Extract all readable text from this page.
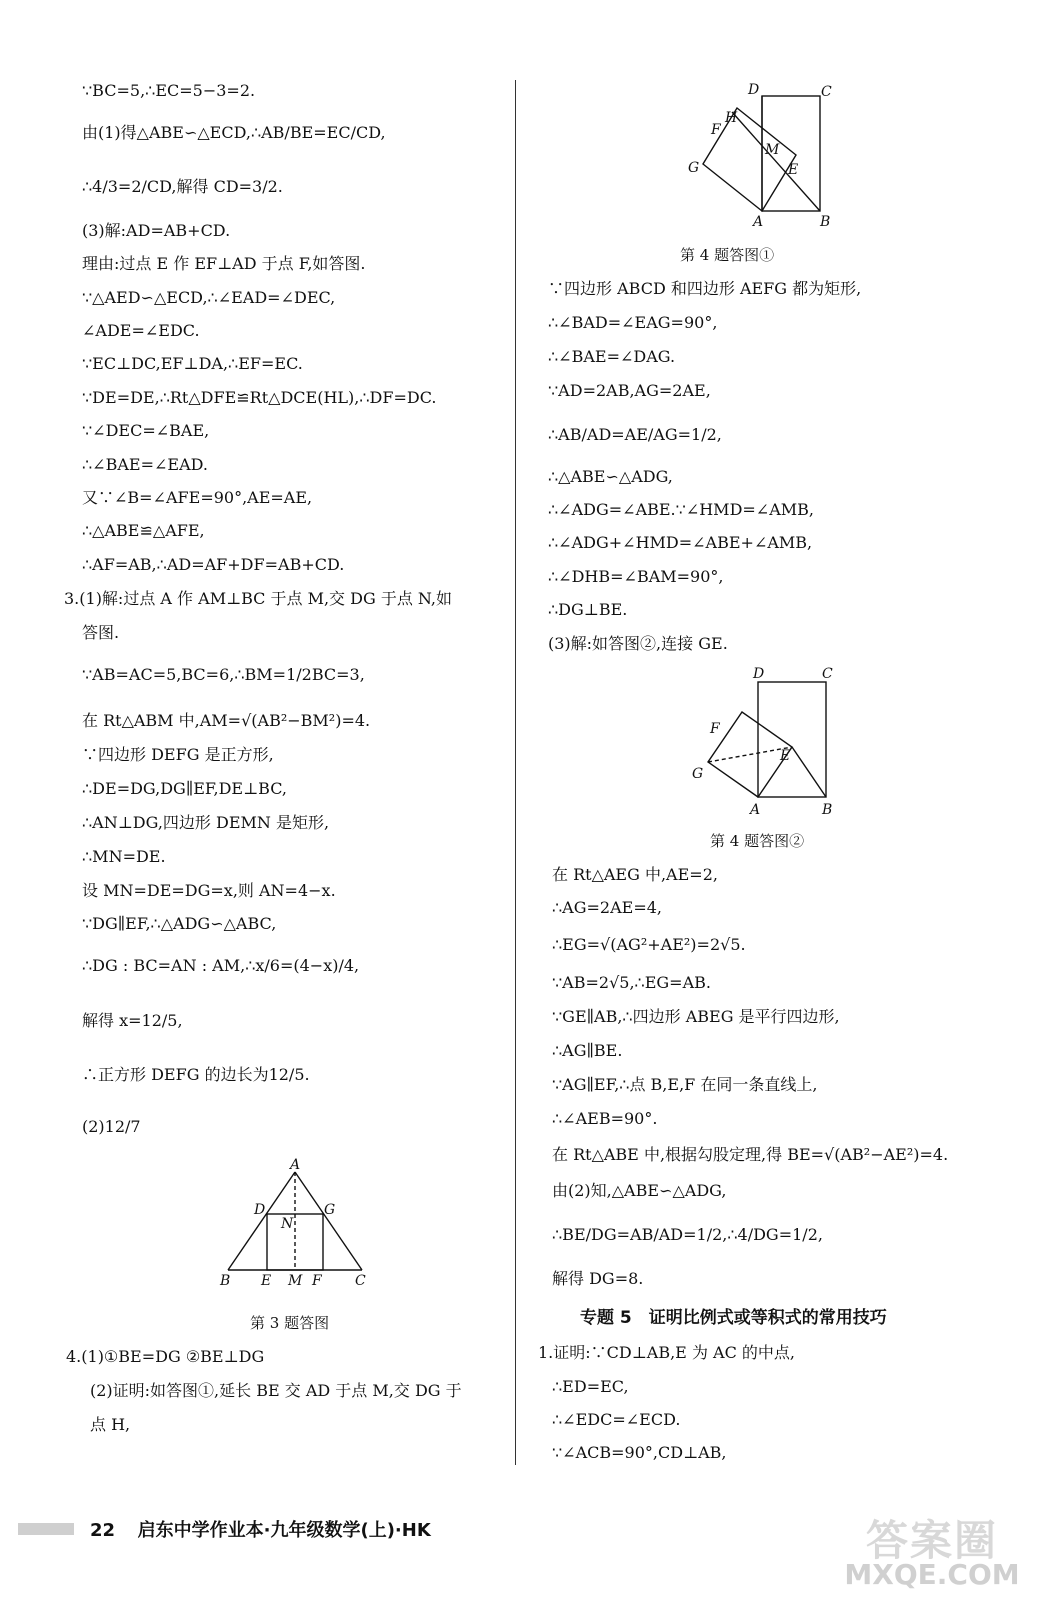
∵BC=5,∴EC=5−3=2.
由(1)得△ABE∽△ECD,∴AB/BE=EC/CD,
∴4/3=2/CD,解得 CD=3/2.
(3)解:AD=AB+CD.
理由:过点 E 作 EF⊥AD 于点 F,如答图.
∵△AED∽△ECD,∴∠EAD=∠DEC,
∠ADE=∠EDC.
∵EC⊥DC,EF⊥DA,∴EF=EC.
∵DE=DE,∴Rt△DFE≌Rt△DCE(HL),∴DF=DC.
∵∠DEC=∠BAE,
∴∠BAE=∠EAD.
又∵∠B=∠AFE=90°,AE=AE,
∴△ABE≌△AFE,
∴AF=AB,∴AD=AF+DF=AB+CD.
3.(1)解:过点 A 作 AM⊥BC 于点 M,交 DG 于点 N,如
答图.
∵AB=AC=5,BC=6,∴BM=1/2BC=3,
在 Rt△ABM 中,AM=√(AB²−BM²)=4.
∵四边形 DEFG 是正方形,
∴DE=DG,DG∥EF,DE⊥BC,
∴AN⊥DG,四边形 DEMN 是矩形,
∴MN=DE.
设 MN=DE=DG=x,则 AN=4−x.
∵DG∥EF,∴△ADG∽△ABC,
∴DG : BC=AN : AM,∴x/6=(4−x)/4,
解得 x=12/5,
∴正方形 DEFG 的边长为12/5.
(2)12/7
A
D
N
G
B E M F C
第 3 题答图
4.(1)①BE=DG ②BE⊥DG
(2)证明:如答图①,延长 BE 交 AD 于点 M,交 DG 于
点 H,
D	C
H
F
M
G	E
A	B
第 4 题答图①
∵四边形 ABCD 和四边形 AEFG 都为矩形,
∴∠BAD=∠EAG=90°,
∴∠BAE=∠DAG.
∵AD=2AB,AG=2AE,
∴AB/AD=AE/AG=1/2,
∴△ABE∽△ADG,
∴∠ADG=∠ABE.∵∠HMD=∠AMB,
∴∠ADG+∠HMD=∠ABE+∠AMB,
∴∠DHB=∠BAM=90°,
∴DG⊥BE.
(3)解:如答图②,连接 GE.
D	C
F
E
G
A	B
第 4 题答图②
在 Rt△AEG 中,AE=2,
∴AG=2AE=4,
∴EG=√(AG²+AE²)=2√5.
∵AB=2√5,∴EG=AB.
∵GE∥AB,∴四边形 ABEG 是平行四边形,
∴AG∥BE.
∵AG∥EF,∴点 B,E,F 在同一条直线上,
∴∠AEB=90°.
在 Rt△ABE 中,根据勾股定理,得 BE=√(AB²−AE²)=4.
由(2)知,△ABE∽△ADG,
∴BE/DG=AB/AD=1/2,∴4/DG=1/2,
解得 DG=8.
专题 5　证明比例式或等积式的常用技巧
1.证明:∵CD⊥AB,E 为 AC 的中点,
∴ED=EC,
∴∠EDC=∠ECD.
∵∠ACB=90°,CD⊥AB,
22 启东中学作业本·九年级数学(上)·HK	答案圈
MXQE.COM
